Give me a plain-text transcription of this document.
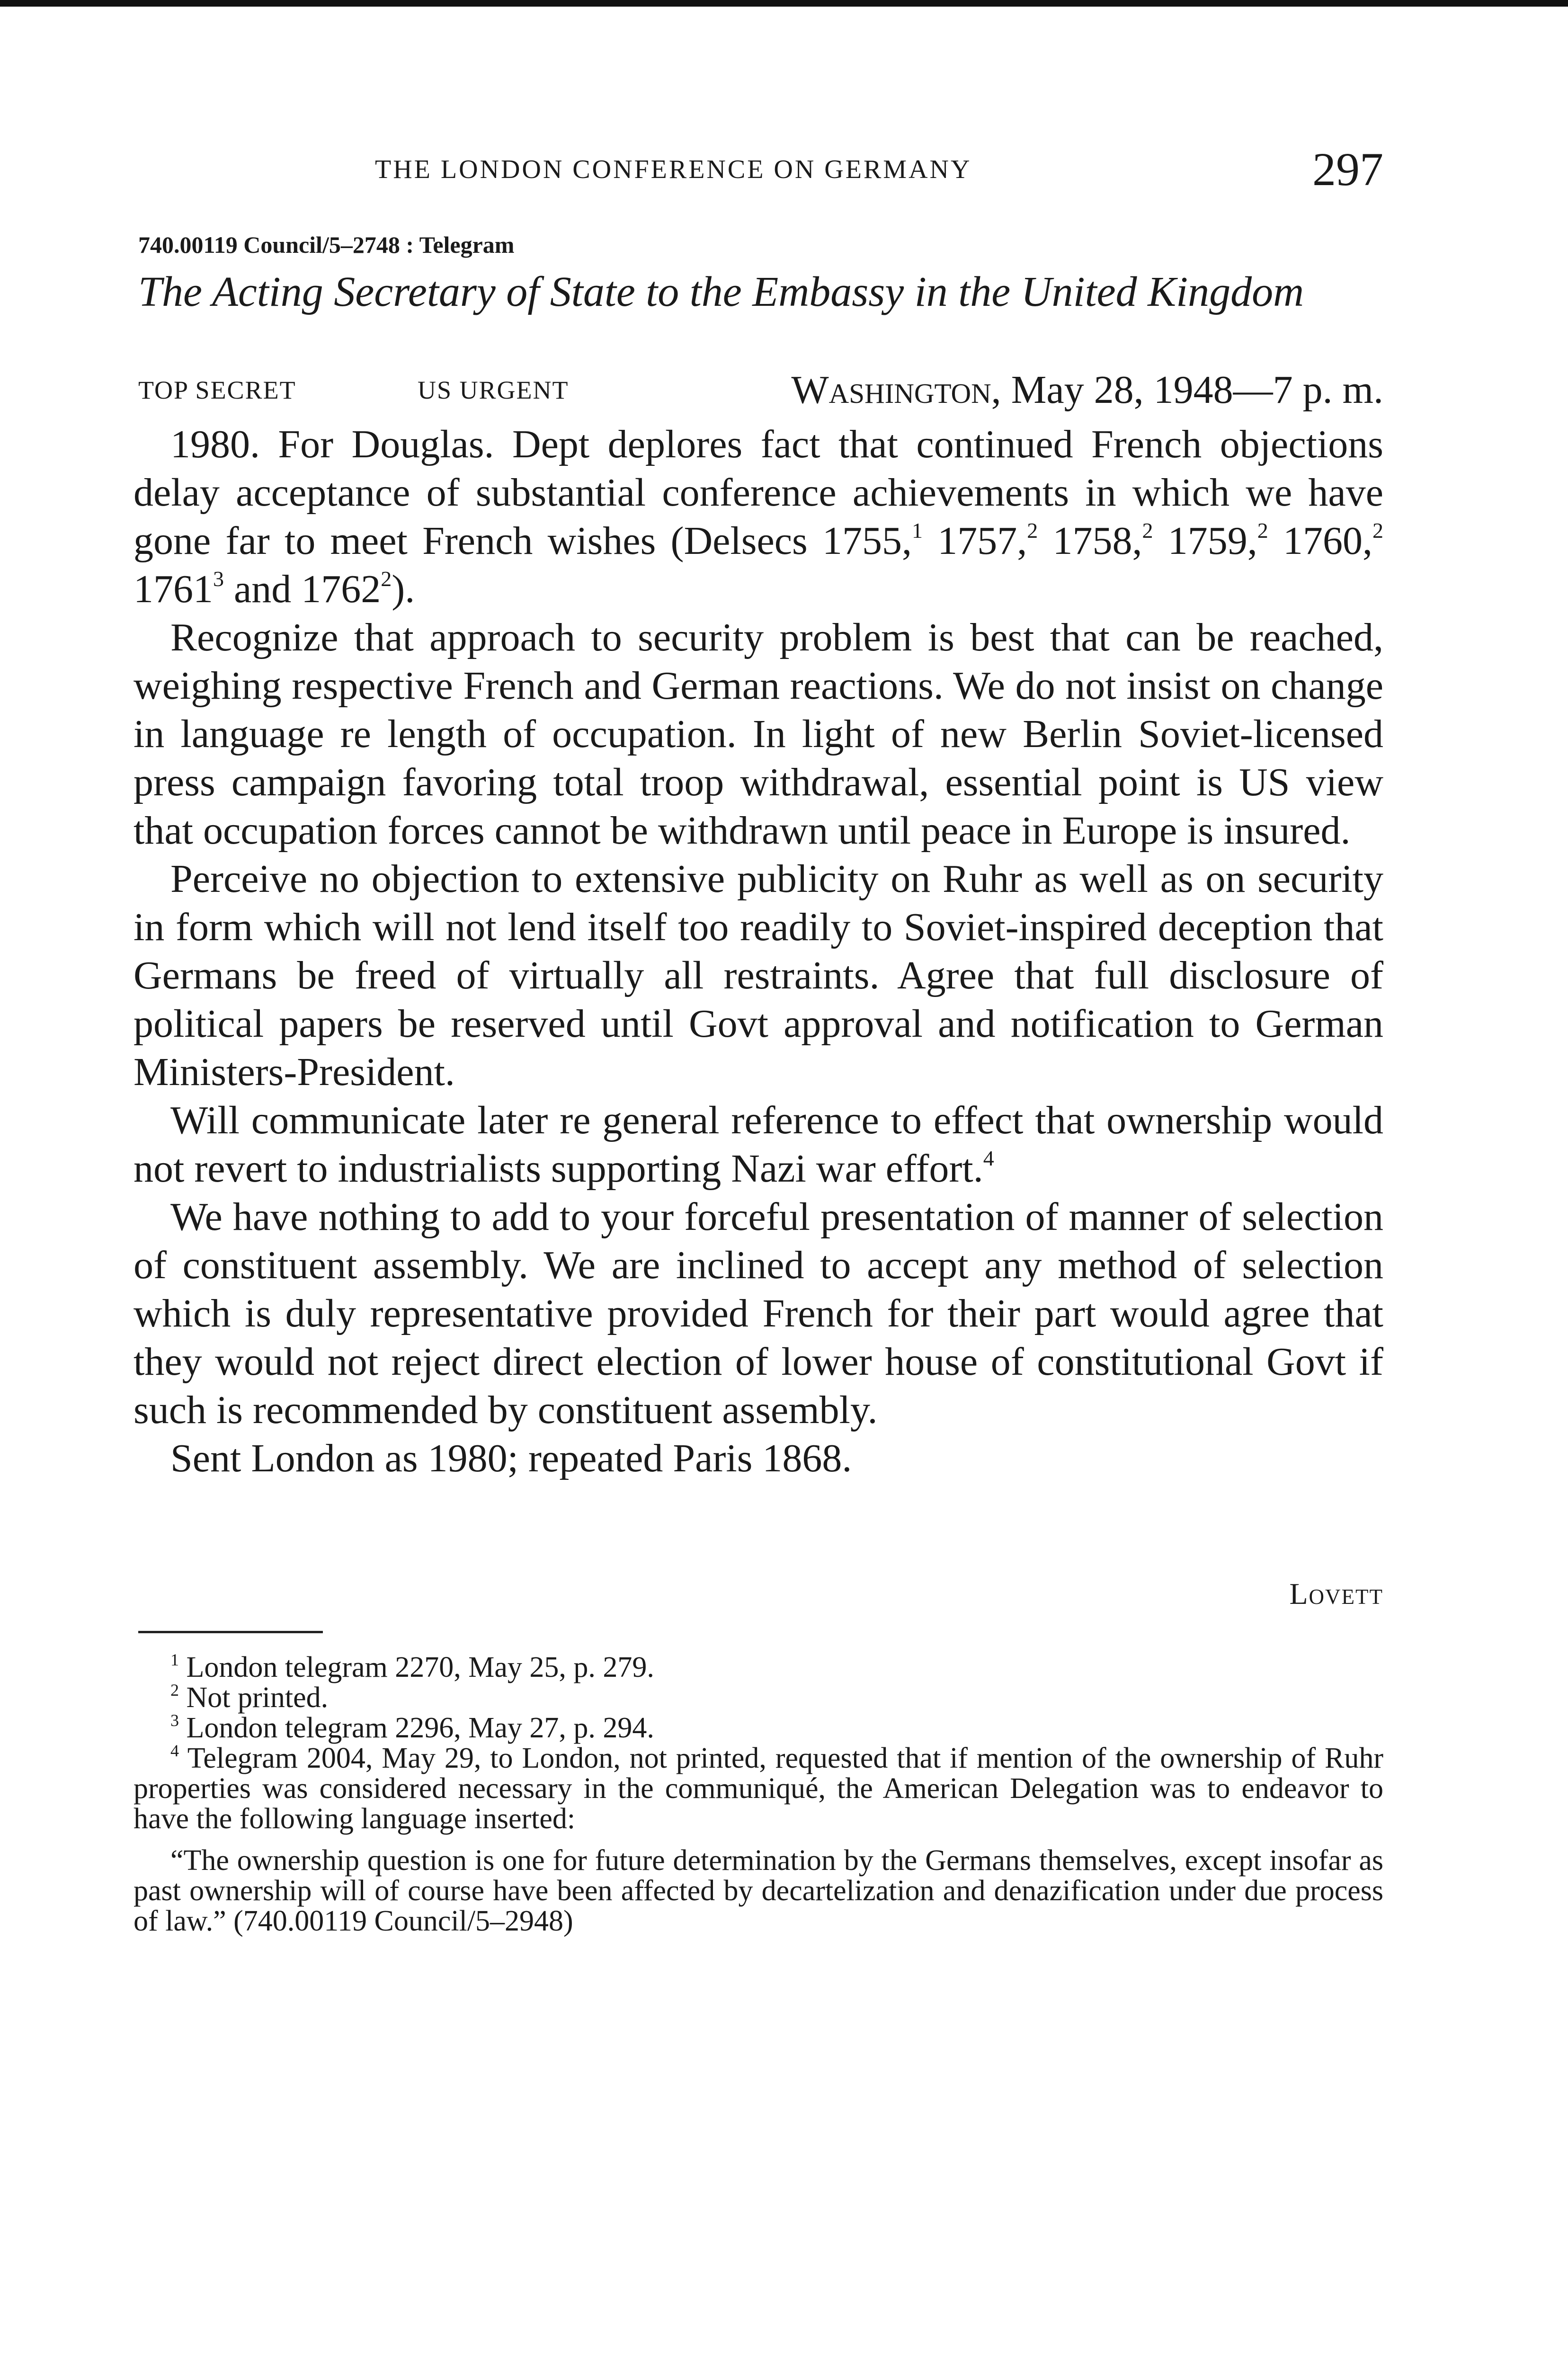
THE LONDON CONFERENCE ON GERMANY	297
740.00119 Council/5–2748 : Telegram
The Acting Secretary of State to the Embassy in the United Kingdom
TOP SECRET	US URGENT	Washington, May 28, 1948—7 p. m.

1980. For Douglas. Dept deplores fact that continued French objections delay acceptance of substantial conference achievements in which we have gone far to meet French wishes (Delsecs 1755,$^1$ 1757,$^2$ 1758,$^2$ 1759,$^2$ 1760,$^2$ 1761$^3$ and 1762$^2$).

Recognize that approach to security problem is best that can be reached, weighing respective French and German reactions. We do not insist on change in language re length of occupation. In light of new Berlin Soviet-licensed press campaign favoring total troop withdrawal, essential point is US view that occupation forces cannot be withdrawn until peace in Europe is insured.

Perceive no objection to extensive publicity on Ruhr as well as on security in form which will not lend itself too readily to Soviet-inspired deception that Germans be freed of virtually all restraints. Agree that full disclosure of political papers be reserved until Govt approval and notification to German Ministers-President.

Will communicate later re general reference to effect that ownership would not revert to industrialists supporting Nazi war effort.$^4$

We have nothing to add to your forceful presentation of manner of selection of constituent assembly. We are inclined to accept any method of selection which is duly representative provided French for their part would agree that they would not reject direct election of lower house of constitutional Govt if such is recommended by constituent assembly.

Sent London as 1980; repeated Paris 1868.

Lovett

$^1$ London telegram 2270, May 25, p. 279.

$^2$ Not printed.

$^3$ London telegram 2296, May 27, p. 294.

$^4$ Telegram 2004, May 29, to London, not printed, requested that if mention of the ownership of Ruhr properties was considered necessary in the communiqué, the American Delegation was to endeavor to have the following language inserted:

“The ownership question is one for future determination by the Germans themselves, except insofar as past ownership will of course have been affected by decartelization and denazification under due process of law.” (740.00119 Council/5–2948)
